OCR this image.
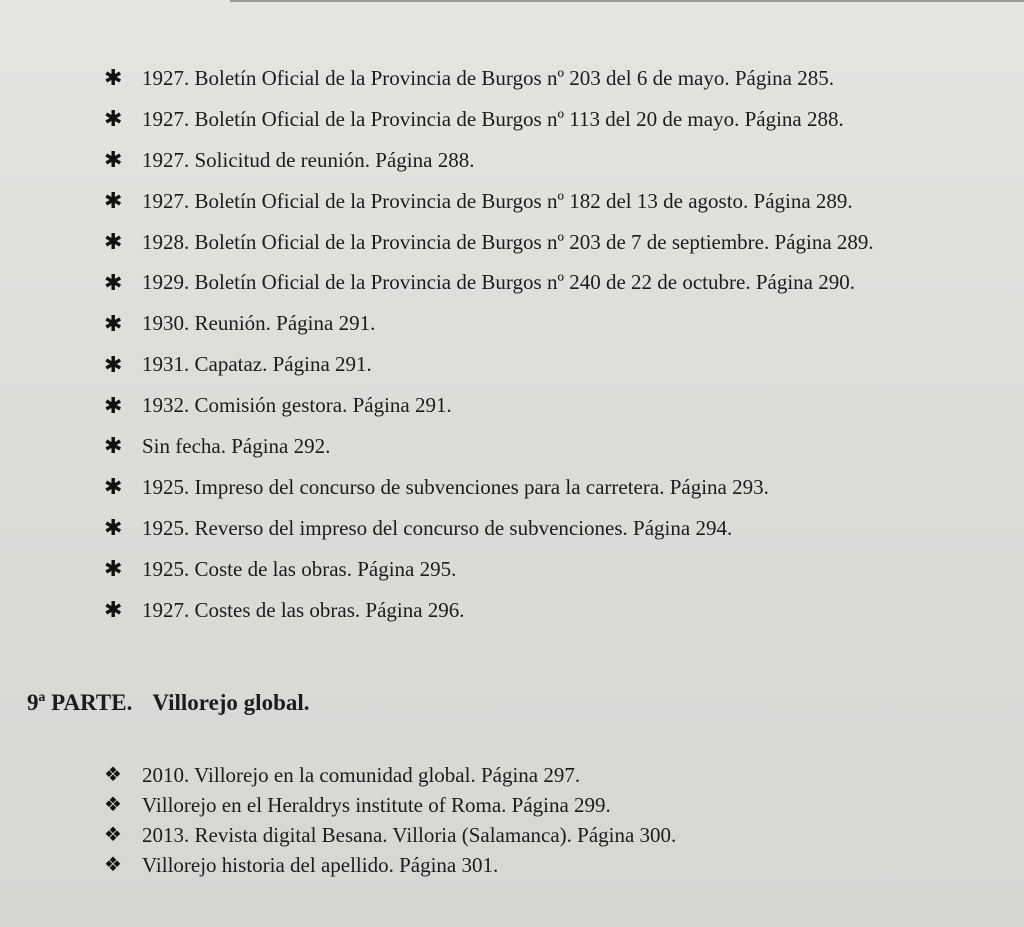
✱ 1927. Boletín Oficial de la Provincia de Burgos nº 203 del 6 de mayo. Página 285.
✱ 1927. Boletín Oficial de la Provincia de Burgos nº 113 del 20 de mayo. Página 288.
✱ 1927. Solicitud de reunión. Página 288.
✱ 1927. Boletín Oficial de la Provincia de Burgos nº 182 del 13 de agosto. Página 289.
✱ 1928. Boletín Oficial de la Provincia de Burgos nº 203 de 7 de septiembre. Página 289.
✱ 1929. Boletín Oficial de la Provincia de Burgos nº 240 de 22 de octubre. Página 290.
✱ 1930. Reunión. Página 291.
✱ 1931. Capataz. Página 291.
✱ 1932. Comisión gestora. Página 291.
✱ Sin fecha. Página 292.
✱ 1925. Impreso del concurso de subvenciones para la carretera. Página 293.
✱ 1925. Reverso del impreso del concurso de subvenciones. Página 294.
✱ 1925. Coste de las obras. Página 295.
✱ 1927. Costes de las obras. Página 296.
9ª PARTE. Villorejo global.
❖ 2010. Villorejo en la comunidad global. Página 297.
❖ Villorejo en el Heraldrys institute of Roma. Página 299.
❖ 2013. Revista digital Besana. Villoria (Salamanca). Página 300.
❖ Villorejo historia del apellido. Página 301.
